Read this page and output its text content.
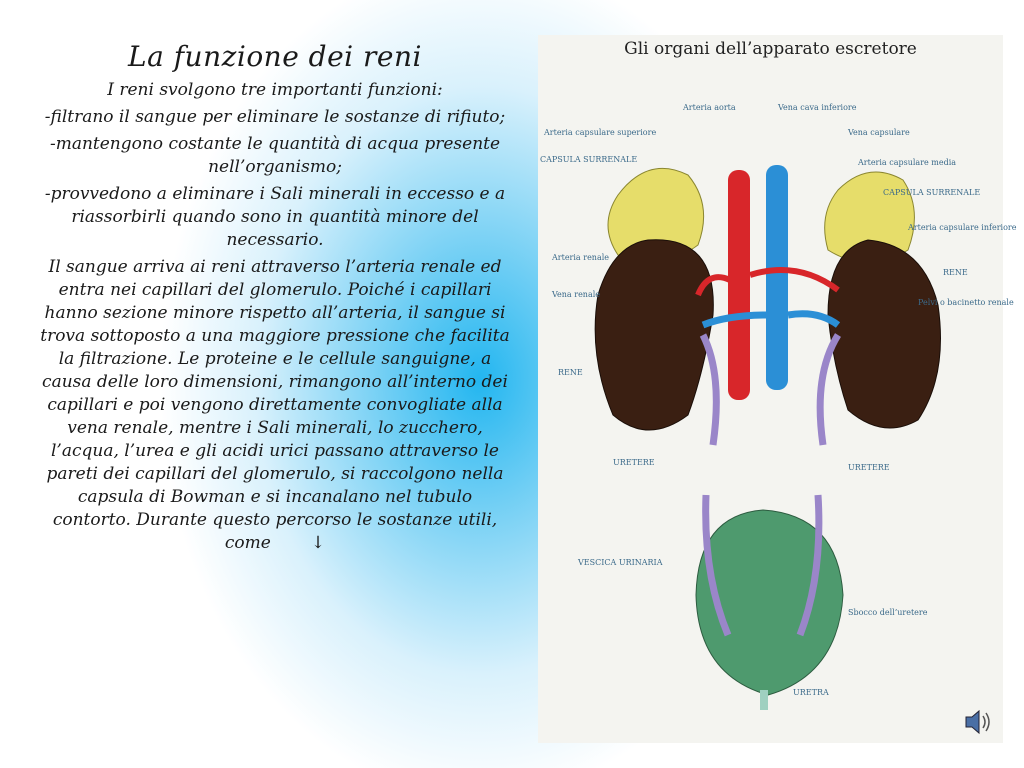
La funzione dei reni

I reni svolgono tre importanti funzioni:

-filtrano il sangue per eliminare le sostanze di rifiuto;

-mantengono costante le quantità di acqua presente nell’organismo;

-provvedono a eliminare i Sali minerali in eccesso e a riassorbirli quando sono in quantità minore del necessario.

Il sangue arriva ai reni attraverso l’arteria renale ed entra nei capillari del glomerulo. Poiché i capillari hanno sezione minore rispetto all’arteria, il sangue si trova sottoposto a una maggiore pressione che facilita la filtrazione. Le proteine e le cellule sanguigne, a causa delle loro dimensioni, rimangono all’interno dei capillari e poi vengono direttamente convogliate alla vena renale, mentre i Sali minerali, lo zucchero, l’acqua, l’urea e gli acidi urici passano attraverso le pareti dei capillari del glomerulo, si raccolgono nella capsula di Bowman e si incanalano nel tubulo contorto. Durante questo percorso le sostanze utili, come ↓

Gli organi dell’apparato escretore
Arteria aorta	Vena cava inferiore
Arteria capsulare superiore	Vena capsulare
CAPSULA SURRENALE	Arteria capsulare media
CAPSULA SURRENALE
Arteria capsulare inferiore
Arteria renale
Vena renale
RENE
Pelvi o bacinetto renale
RENE
URETERE
URETERE
VESCICA URINARIA
Sbocco dell’uretere
URETRA
